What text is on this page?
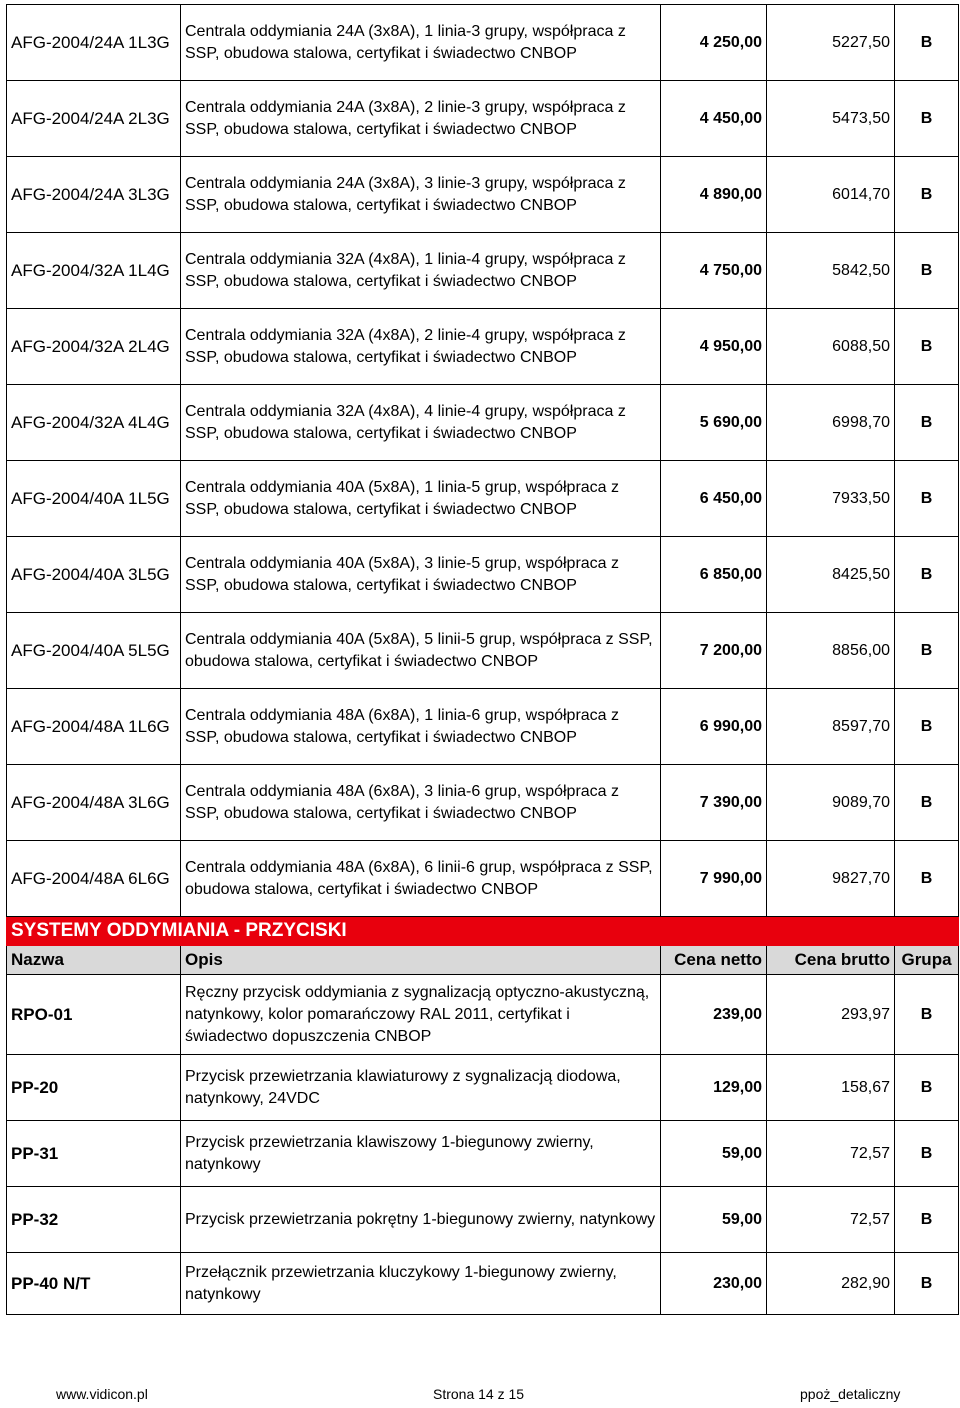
AFG-2004/24A 1L3G	Centrala oddymiania 24A (3x8A), 1 linia-3 grupy, współpraca z SSP, obudowa stalowa, certyfikat i świadectwo CNBOP	4 250,00	5227,50	B
AFG-2004/24A 2L3G	Centrala oddymiania 24A (3x8A), 2 linie-3 grupy, współpraca z SSP, obudowa stalowa, certyfikat i świadectwo CNBOP	4 450,00	5473,50	B
AFG-2004/24A 3L3G	Centrala oddymiania 24A (3x8A), 3 linie-3 grupy, współpraca z SSP, obudowa stalowa, certyfikat i świadectwo CNBOP	4 890,00	6014,70	B
AFG-2004/32A 1L4G	Centrala oddymiania 32A (4x8A), 1 linia-4 grupy, współpraca z SSP, obudowa stalowa, certyfikat i świadectwo CNBOP	4 750,00	5842,50	B
AFG-2004/32A 2L4G	Centrala oddymiania 32A (4x8A), 2 linie-4 grupy, współpraca z SSP, obudowa stalowa, certyfikat i świadectwo CNBOP	4 950,00	6088,50	B
AFG-2004/32A 4L4G	Centrala oddymiania 32A (4x8A), 4 linie-4 grupy, współpraca z SSP, obudowa stalowa, certyfikat i świadectwo CNBOP	5 690,00	6998,70	B
AFG-2004/40A 1L5G	Centrala oddymiania 40A (5x8A), 1 linia-5 grup, współpraca z SSP, obudowa stalowa, certyfikat i świadectwo CNBOP	6 450,00	7933,50	B
AFG-2004/40A 3L5G	Centrala oddymiania 40A (5x8A), 3 linie-5 grup, współpraca z SSP, obudowa stalowa, certyfikat i świadectwo CNBOP	6 850,00	8425,50	B
AFG-2004/40A 5L5G	Centrala oddymiania 40A (5x8A), 5 linii-5 grup, współpraca z SSP, obudowa stalowa, certyfikat i świadectwo CNBOP	7 200,00	8856,00	B
AFG-2004/48A 1L6G	Centrala oddymiania 48A (6x8A), 1 linia-6 grup, współpraca z SSP, obudowa stalowa, certyfikat i świadectwo CNBOP	6 990,00	8597,70	B
AFG-2004/48A 3L6G	Centrala oddymiania 48A (6x8A), 3 linia-6 grup, współpraca z SSP, obudowa stalowa, certyfikat i świadectwo CNBOP	7 390,00	9089,70	B
AFG-2004/48A 6L6G	Centrala oddymiania 48A (6x8A), 6 linii-6 grup, współpraca z SSP, obudowa stalowa, certyfikat i świadectwo CNBOP	7 990,00	9827,70	B
SYSTEMY ODDYMIANIA - PRZYCISKI				
Nazwa	Opis	Cena netto	Cena brutto	Grupa
RPO-01	Ręczny przycisk oddymiania z sygnalizacją optyczno-akustyczną, natynkowy, kolor pomarańczowy RAL 2011, certyfikat i świadectwo dopuszczenia CNBOP	239,00	293,97	B
PP-20	Przycisk przewietrzania klawiaturowy z sygnalizacją diodowa, natynkowy, 24VDC	129,00	158,67	B
PP-31	Przycisk przewietrzania klawiszowy 1-biegunowy zwierny, natynkowy	59,00	72,57	B
PP-32	Przycisk przewietrzania pokrętny 1-biegunowy zwierny, natynkowy	59,00	72,57	B
PP-40 N/T	Przełącznik przewietrzania kluczykowy 1-biegunowy zwierny, natynkowy	230,00	282,90	B
www.vidicon.pl	Strona 14 z 15	ppoż_detaliczny
